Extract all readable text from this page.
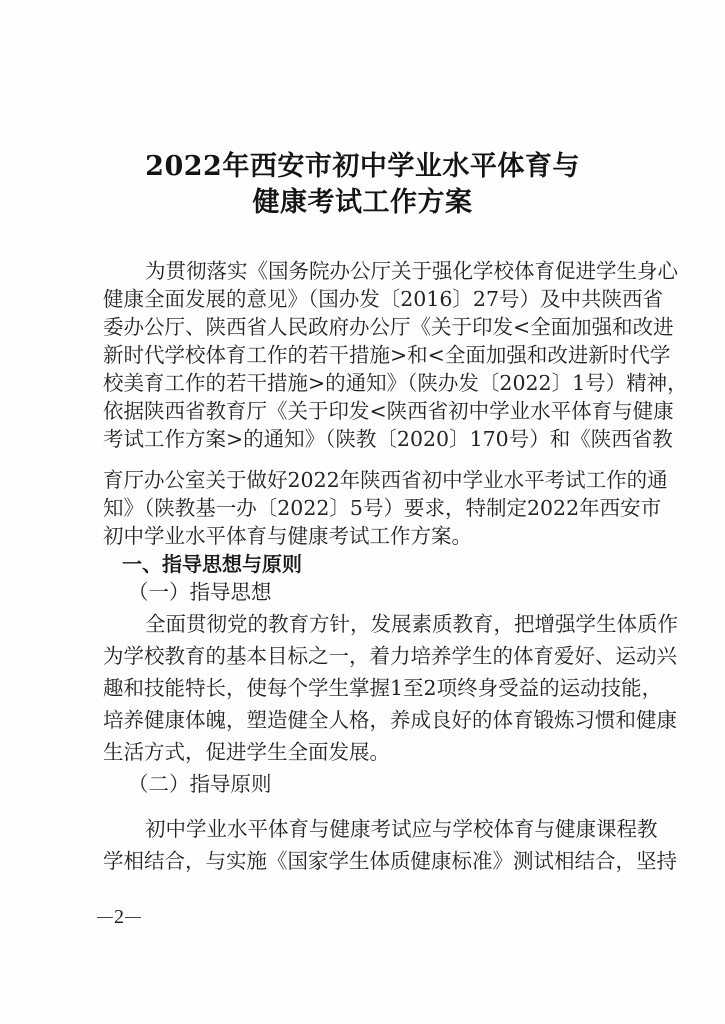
2022年西安市初中学业水平体育与
健康考试工作方案
为贯彻落实《国务院办公厅关于强化学校体育促进学生身心
健康全面发展的意见》（国办发〔2016〕27号）及中共陕西省
委办公厅、陕西省人民政府办公厅《关于印发<全面加强和改进
新时代学校体育工作的若干措施>和<全面加强和改进新时代学
校美育工作的若干措施>的通知》（陕办发〔2022〕1号）精神，
依据陕西省教育厅《关于印发<陕西省初中学业水平体育与健康
考试工作方案>的通知》（陕教〔2020〕170号）和《陕西省教
育厅办公室关于做好2022年陕西省初中学业水平考试工作的通
知》（陕教基一办〔2022〕5号）要求，特制定2022年西安市
初中学业水平体育与健康考试工作方案。
一、指导思想与原则
（一）指导思想
全面贯彻党的教育方针，发展素质教育，把增强学生体质作
为学校教育的基本目标之一，着力培养学生的体育爱好、运动兴
趣和技能特长，使每个学生掌握1至2项终身受益的运动技能，
培养健康体魄，塑造健全人格，养成良好的体育锻炼习惯和健康
生活方式，促进学生全面发展。
（二）指导原则
初中学业水平体育与健康考试应与学校体育与健康课程教
学相结合，与实施《国家学生体质健康标准》测试相结合，坚持
2
